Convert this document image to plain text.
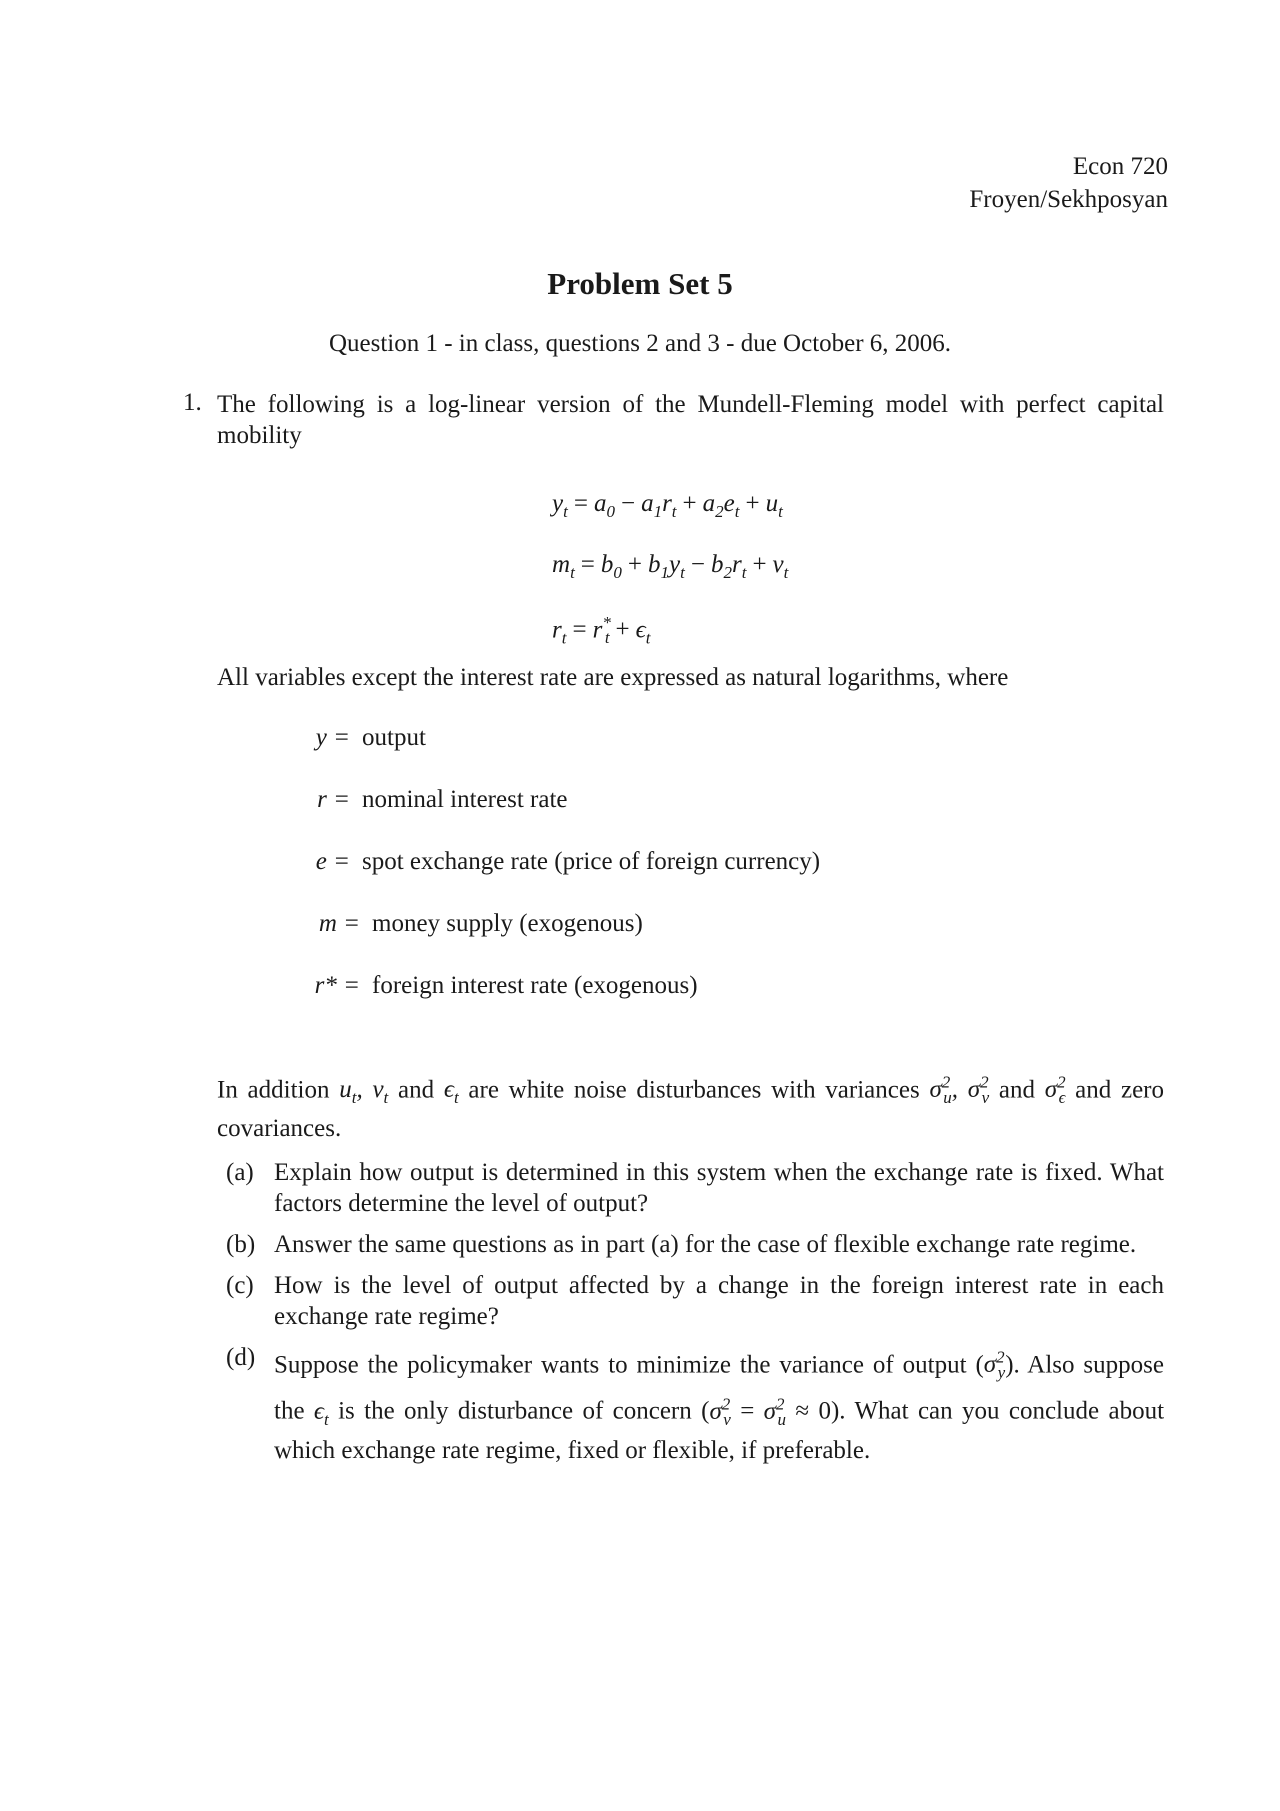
Econ 720
Froyen/Sekhposyan
Problem Set 5
Question 1 - in class, questions 2 and 3 - due October 6, 2006.
1. The following is a log-linear version of the Mundell-Fleming model with perfect capital mobility
$y_t = a_0 - a_1r_t + a_2e_t + u_t$
$m_t = b_0 + b_1y_t - b_2r_t + v_t$
$r_t = r^*_t + \epsilon_t$
All variables except the interest rate are expressed as natural logarithms, where
y = output
r = nominal interest rate
e = spot exchange rate (price of foreign currency)
m = money supply (exogenous)
r* = foreign interest rate (exogenous)
In addition $u_t$, $v_t$ and $\epsilon_t$ are white noise disturbances with variances $\sigma^2_u$, $\sigma^2_v$ and $\sigma^2_\epsilon$ and zero covariances.
(a) Explain how output is determined in this system when the exchange rate is fixed. What factors determine the level of output?
(b) Answer the same questions as in part (a) for the case of flexible exchange rate regime.
(c) How is the level of output affected by a change in the foreign interest rate in each exchange rate regime?
(d) Suppose the policymaker wants to minimize the variance of output $(\sigma^2_y)$. Also suppose the $\epsilon_t$ is the only disturbance of concern $(\sigma^2_v = \sigma^2_u \approx 0)$. What can you conclude about which exchange rate regime, fixed or flexible, if preferable.
